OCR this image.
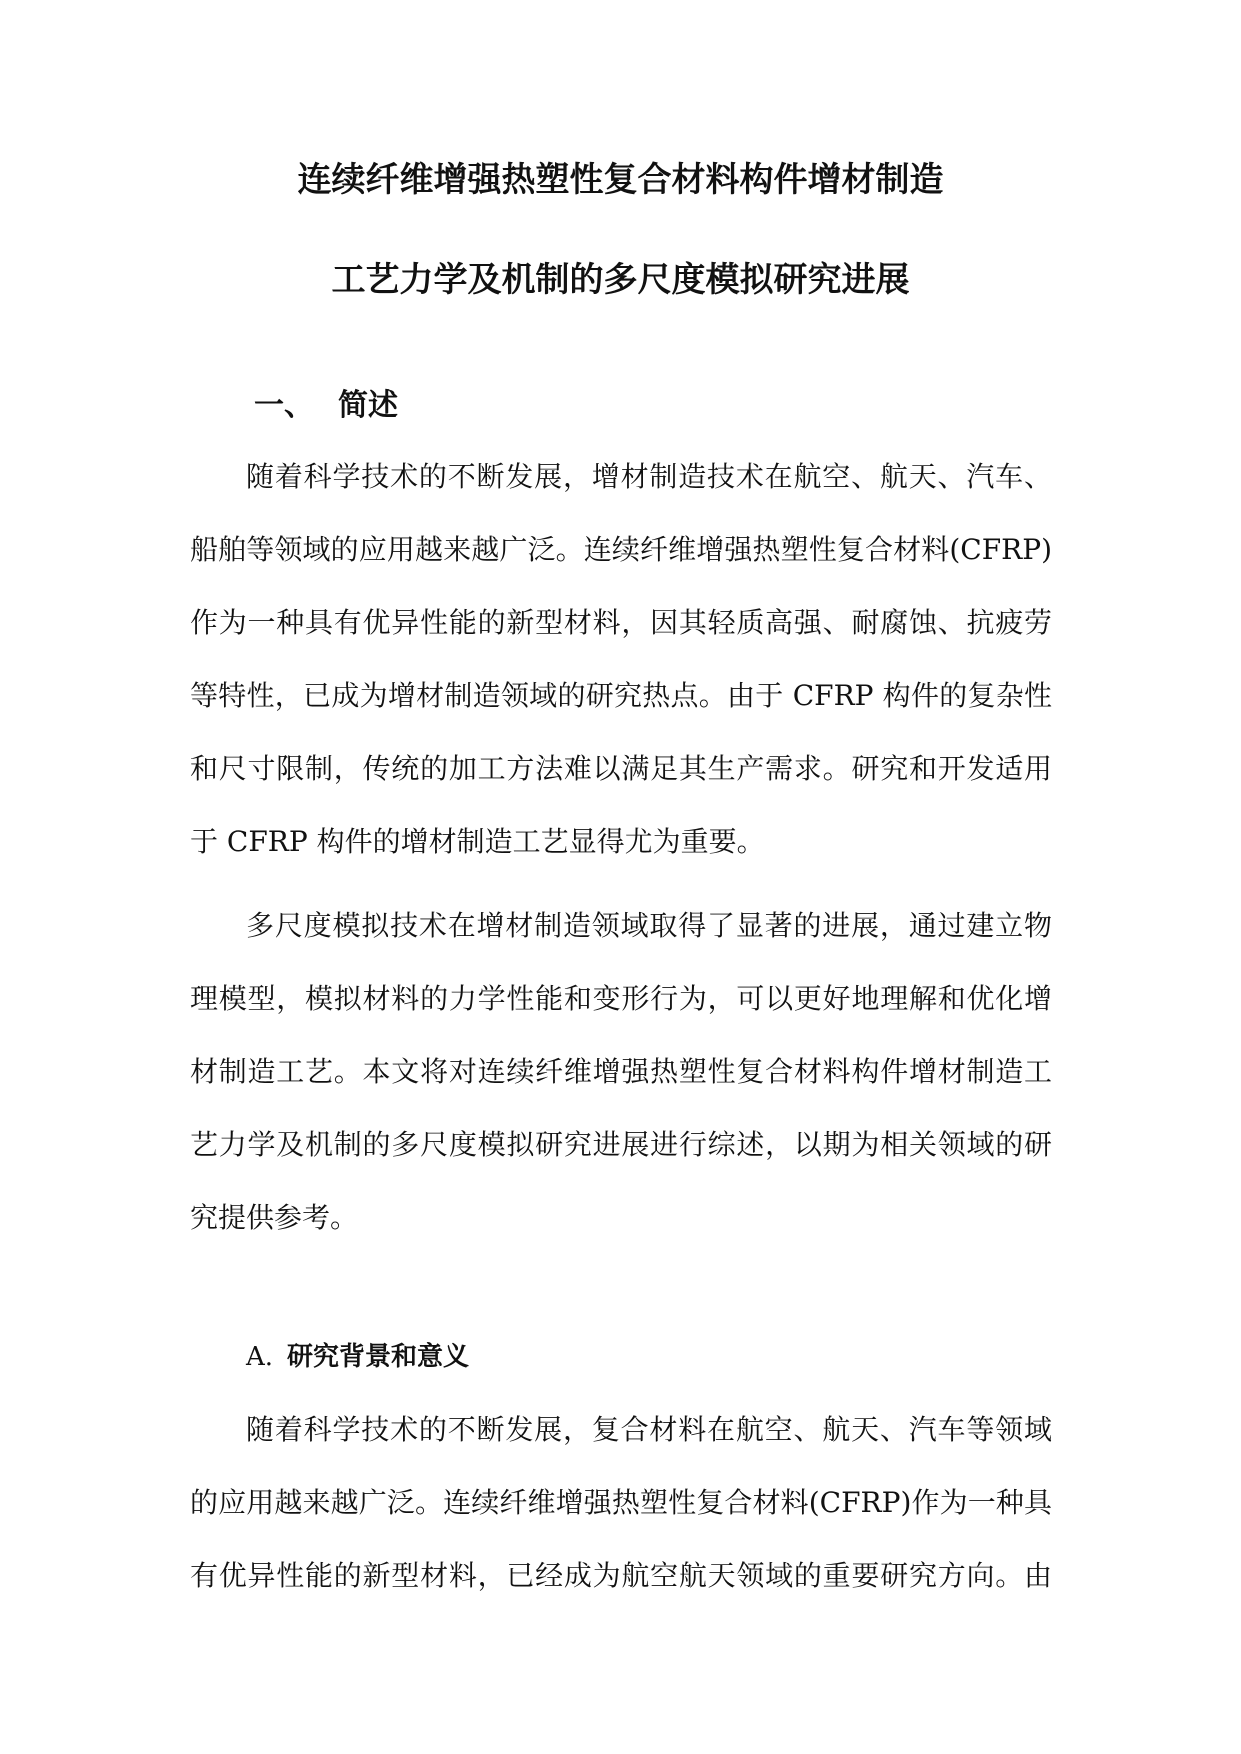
连续纤维增强热塑性复合材料构件增材制造
工艺力学及机制的多尺度模拟研究进展
一、 简述
随着科学技术的不断发展，增材制造技术在航空、航天、汽车、
船舶等领域的应用越来越广泛。连续纤维增强热塑性复合材料(CFRP)
作为一种具有优异性能的新型材料，因其轻质高强、耐腐蚀、抗疲劳
等特性，已成为增材制造领域的研究热点。由于 CFRP 构件的复杂性
和尺寸限制，传统的加工方法难以满足其生产需求。研究和开发适用
于 CFRP 构件的增材制造工艺显得尤为重要。
多尺度模拟技术在增材制造领域取得了显著的进展，通过建立物
理模型，模拟材料的力学性能和变形行为，可以更好地理解和优化增
材制造工艺。本文将对连续纤维增强热塑性复合材料构件增材制造工
艺力学及机制的多尺度模拟研究进展进行综述，以期为相关领域的研
究提供参考。
A. 研究背景和意义
随着科学技术的不断发展，复合材料在航空、航天、汽车等领域
的应用越来越广泛。连续纤维增强热塑性复合材料(CFRP)作为一种具
有优异性能的新型材料，已经成为航空航天领域的重要研究方向。由
